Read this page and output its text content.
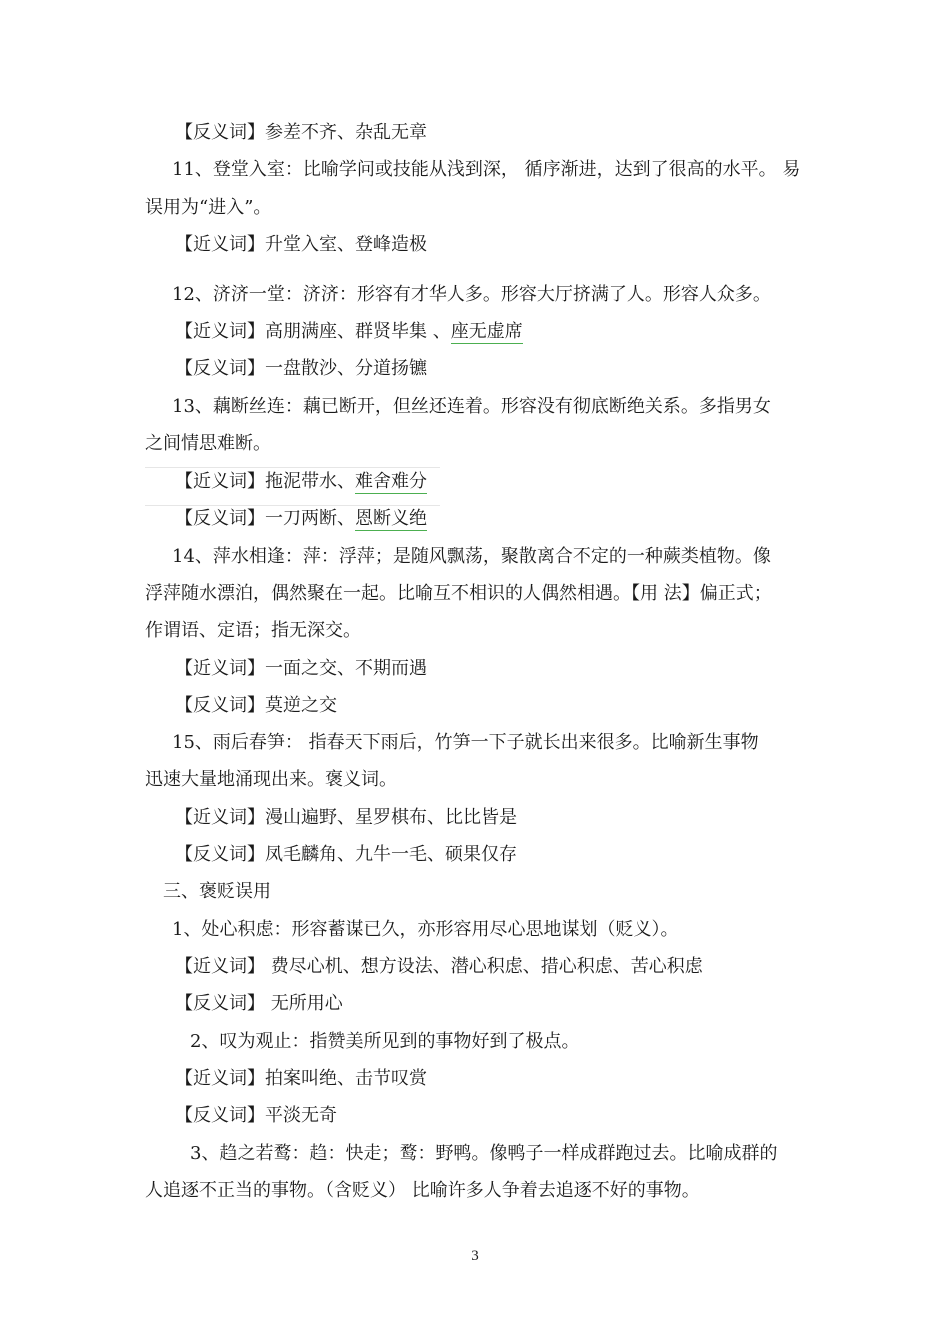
【反义词】参差不齐、杂乱无章
11、登堂入室：比喻学问或技能从浅到深， 循序渐进，达到了很高的水平。 易
误用为“进入”。
【近义词】升堂入室、登峰造极
12、济济一堂：济济：形容有才华人多。形容大厅挤满了人。形容人众多。
【近义词】高朋满座、群贤毕集 、座无虚席
【反义词】一盘散沙、分道扬镳
13、藕断丝连：藕已断开，但丝还连着。形容没有彻底断绝关系。多指男女
之间情思难断。
【近义词】拖泥带水、难舍难分
【反义词】一刀两断、恩断义绝
14、萍水相逢：萍：浮萍；是随风飘荡，聚散离合不定的一种蕨类植物。像
浮萍随水漂泊，偶然聚在一起。比喻互不相识的人偶然相遇。【用 法】偏正式；
作谓语、定语；指无深交。
【近义词】一面之交、不期而遇
【反义词】莫逆之交
15、雨后春笋： 指春天下雨后，竹笋一下子就长出来很多。比喻新生事物
迅速大量地涌现出来。褒义词。
【近义词】漫山遍野、星罗棋布、比比皆是
【反义词】凤毛麟角、九牛一毛、硕果仅存
三、褒贬误用
1、处心积虑：形容蓄谋已久，亦形容用尽心思地谋划（贬义）。
【近义词】 费尽心机、想方设法、潜心积虑、措心积虑、苦心积虑
【反义词】 无所用心
2、叹为观止：指赞美所见到的事物好到了极点。
【近义词】拍案叫绝、击节叹赏
【反义词】平淡无奇
3、趋之若鹜：趋：快走；鹜：野鸭。像鸭子一样成群跑过去。比喻成群的
人追逐不正当的事物。（含贬义） 比喻许多人争着去追逐不好的事物。
3
